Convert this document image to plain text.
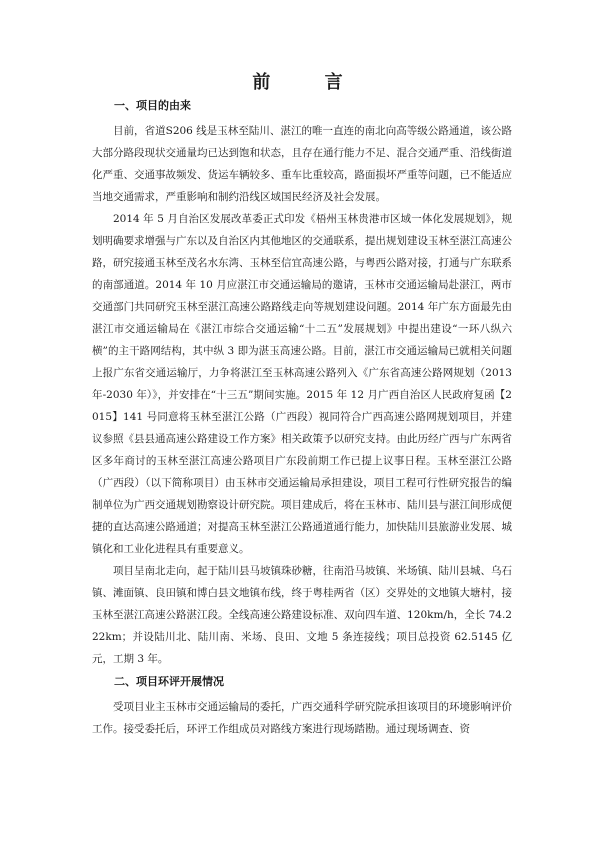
前 言

一、项目的由来

目前，省道S206 线是玉林至陆川、湛江的唯一直连的南北向高等级公路通道，该公路大部分路段现状交通量均已达到饱和状态，且存在通行能力不足、混合交通严重、沿线街道化严重、交通事故频发、货运车辆较多、重车比重较高，路面损坏严重等问题，已不能适应当地交通需求，严重影响和制约沿线区域国民经济及社会发展。

2014 年 5 月自治区发展改革委正式印发《梧州玉林贵港市区域一体化发展规划》，规划明确要求增强与广东以及自治区内其他地区的交通联系，提出规划建设玉林至湛江高速公路，研究接通玉林至茂名水东湾、玉林至信宜高速公路，与粤西公路对接，打通与广东联系的南部通道。2014 年 10 月应湛江市交通运输局的邀请，玉林市交通运输局赴湛江，两市交通部门共同研究玉林至湛江高速公路路线走向等规划建设问题。2014 年广东方面最先由湛江市交通运输局在《湛江市综合交通运输“十二五”发展规划》中提出建设“一环八纵六横”的主干路网结构，其中纵 3 即为湛玉高速公路。目前，湛江市交通运输局已就相关问题上报广东省交通运输厅，力争将湛江至玉林高速公路列入《广东省高速公路网规划（2013 年-2030 年）》，并安排在“十三五”期间实施。2015 年 12 月广西自治区人民政府复函【2015】141 号同意将玉林至湛江公路（广西段）视同符合广西高速公路网规划项目，并建议参照《县县通高速公路建设工作方案》相关政策予以研究支持。由此历经广西与广东两省区多年商讨的玉林至湛江高速公路项目广东段前期工作已提上议事日程。玉林至湛江公路（广西段）（以下简称项目）由玉林市交通运输局承担建设，项目工程可行性研究报告的编制单位为广西交通规划勘察设计研究院。项目建成后，将在玉林市、陆川县与湛江间形成便捷的直达高速公路通道；对提高玉林至湛江公路通道通行能力，加快陆川县旅游业发展、城镇化和工业化进程具有重要意义。

项目呈南北走向，起于陆川县马坡镇珠砂糖，往南沿马坡镇、米场镇、陆川县城、乌石镇、滩面镇、良田镇和博白县文地镇布线，终于粤桂两省（区）交界处的文地镇大塘村，接玉林至湛江高速公路湛江段。全线高速公路建设标准、双向四车道、120km/h，全长 74.222km；并设陆川北、陆川南、米场、良田、文地 5 条连接线；项目总投资 62.5145 亿元，工期 3 年。

二、项目环评开展情况

受项目业主玉林市交通运输局的委托，广西交通科学研究院承担该项目的环境影响评价工作。接受委托后，环评工作组成员对路线方案进行现场踏勘。通过现场调查、资
